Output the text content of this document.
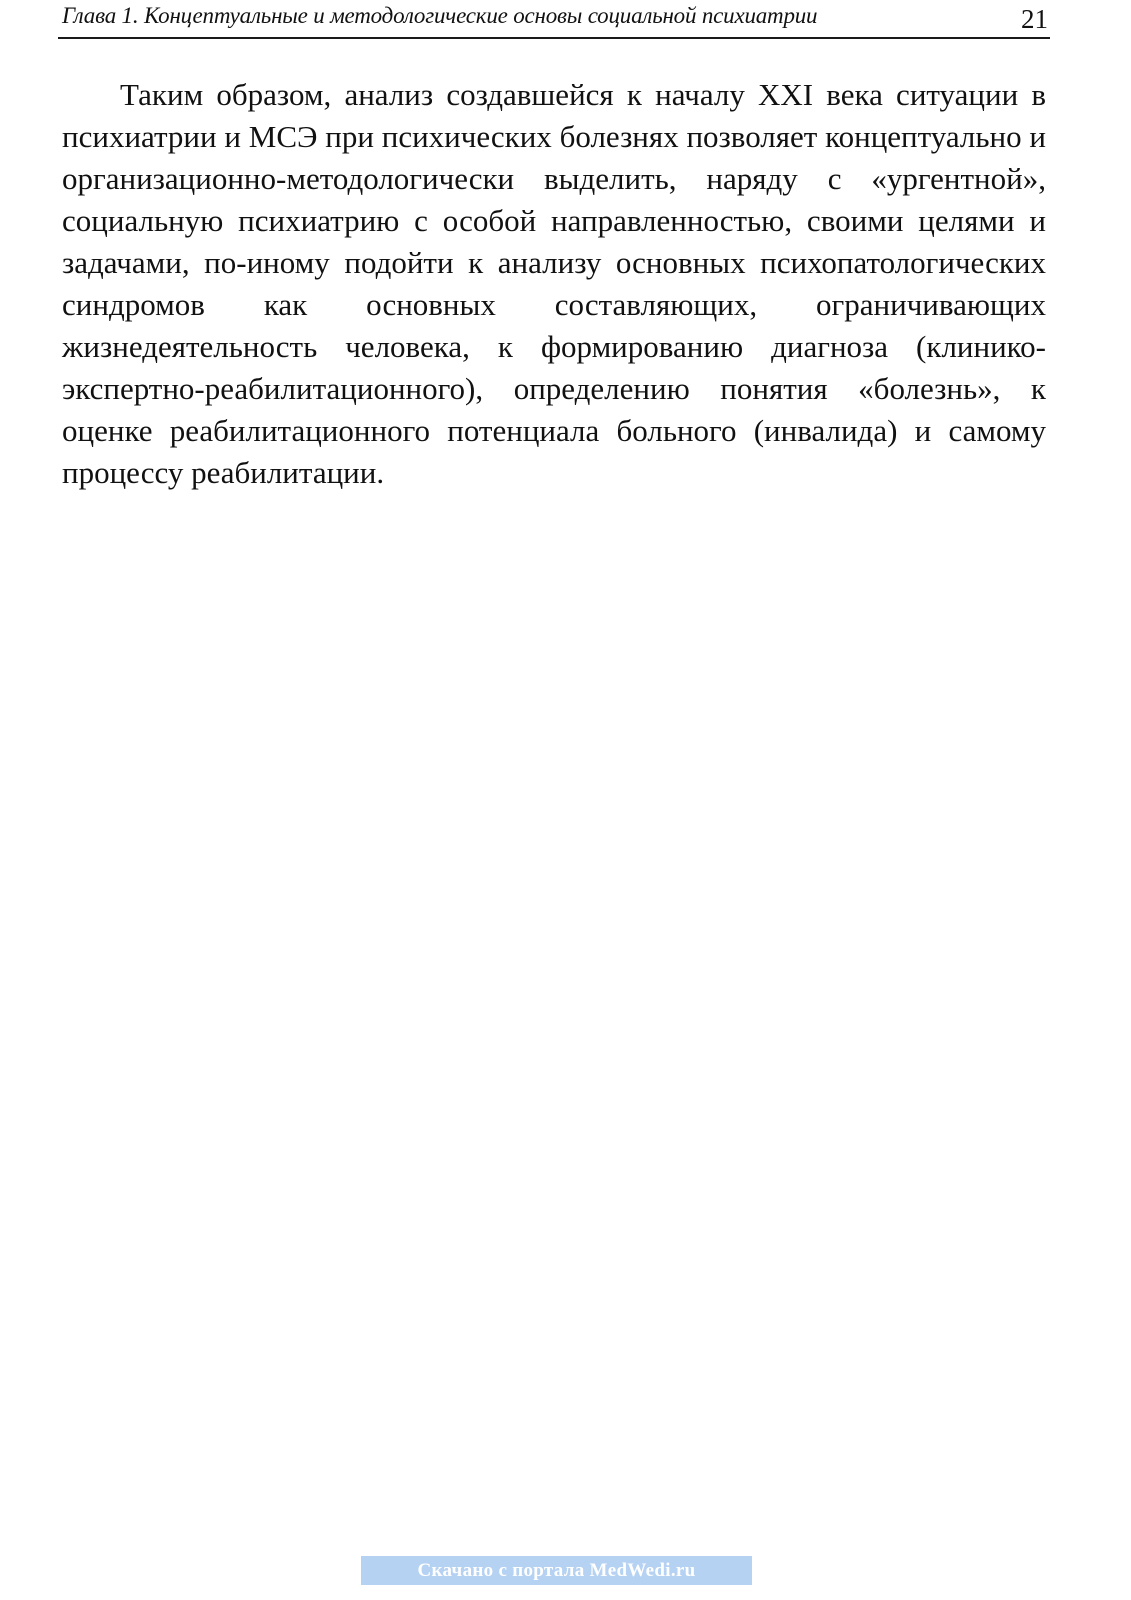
Глава 1. Концептуальные и методологические основы социальной психиатрии	21

Таким образом, анализ создавшейся к началу XXI века ситуации в психиатрии и МСЭ при психических болезнях позволяет концептуально и организационно-методологически выделить, наряду с «ургентной», социальную психиатрию с особой направленностью, своими целями и задачами, по-иному подойти к анализу основных психопатологических синдромов как основных составляющих, ограничивающих жизнедеятельность человека, к формированию диагноза (клинико-экспертно-реабилитационного), определению понятия «болезнь», к оценке реабилитационного потенциала больного (инвалида) и самому процессу реабилитации.

Скачано с портала MedWedi.ru
